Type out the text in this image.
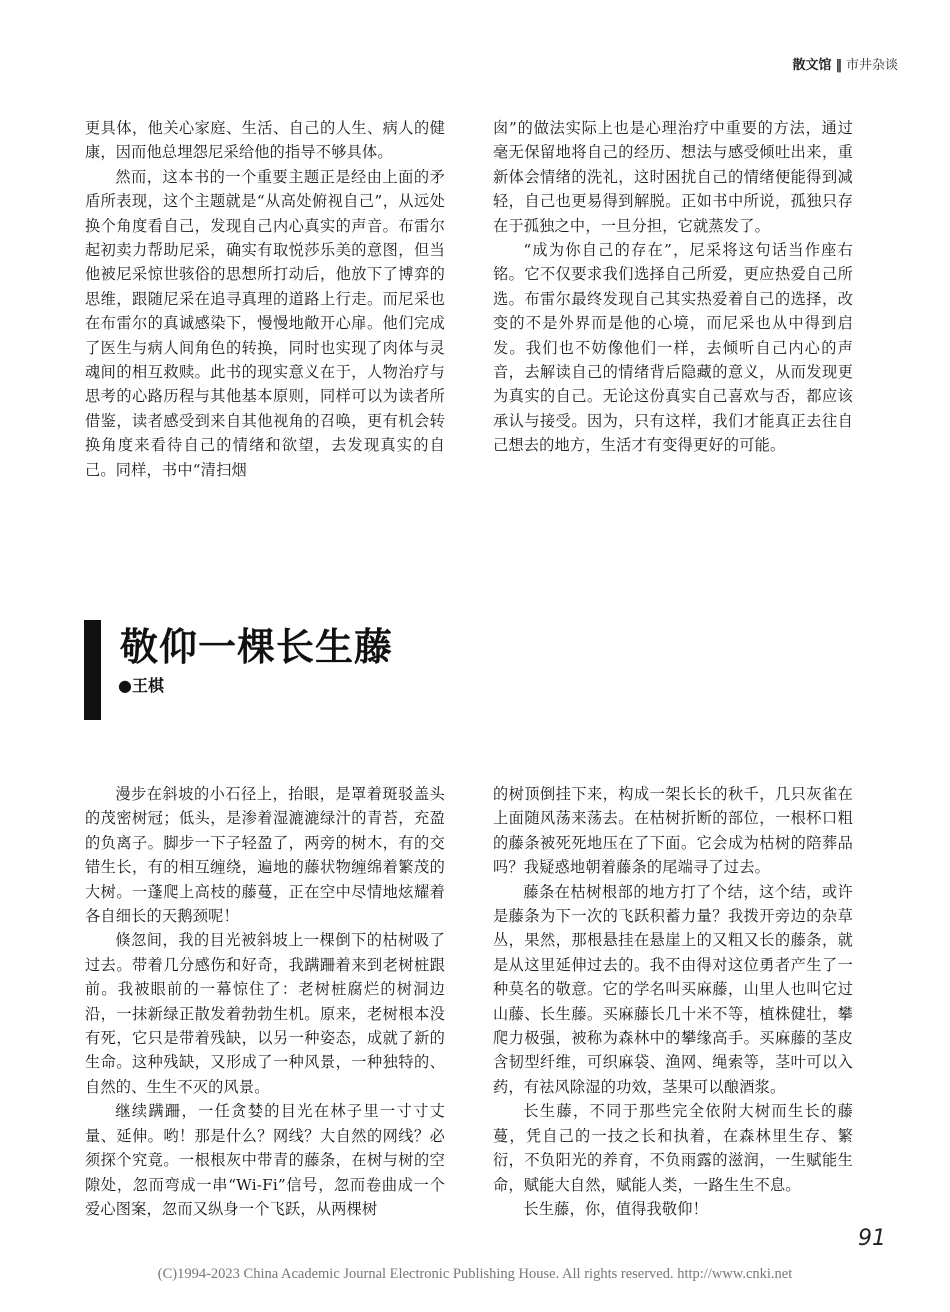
散文馆 ‖ 市井杂谈

更具体，他关心家庭、生活、自己的人生、病人的健康，因而他总埋怨尼采给他的指导不够具体。

然而，这本书的一个重要主题正是经由上面的矛盾所表现，这个主题就是“从高处俯视自己”，从远处换个角度看自己，发现自己内心真实的声音。布雷尔起初卖力帮助尼采，确实有取悦莎乐美的意图，但当他被尼采惊世骇俗的思想所打动后，他放下了博弈的思维，跟随尼采在追寻真理的道路上行走。而尼采也在布雷尔的真诚感染下，慢慢地敞开心扉。他们完成了医生与病人间角色的转换，同时也实现了肉体与灵魂间的相互救赎。此书的现实意义在于，人物治疗与思考的心路历程与其他基本原则，同样可以为读者所借鉴，读者感受到来自其他视角的召唤，更有机会转换角度来看待自己的情绪和欲望，去发现真实的自己。同样，书中“清扫烟

囱”的做法实际上也是心理治疗中重要的方法，通过毫无保留地将自己的经历、想法与感受倾吐出来，重新体会情绪的洗礼，这时困扰自己的情绪便能得到减轻，自己也更易得到解脱。正如书中所说，孤独只存在于孤独之中，一旦分担，它就蒸发了。

“成为你自己的存在”，尼采将这句话当作座右铭。它不仅要求我们选择自己所爱，更应热爱自己所选。布雷尔最终发现自己其实热爱着自己的选择，改变的不是外界而是他的心境，而尼采也从中得到启发。我们也不妨像他们一样，去倾听自己内心的声音，去解读自己的情绪背后隐藏的意义，从而发现更为真实的自己。无论这份真实自己喜欢与否，都应该承认与接受。因为，只有这样，我们才能真正去往自己想去的地方，生活才有变得更好的可能。

敬仰一棵长生藤
●王棋

漫步在斜坡的小石径上，抬眼，是罩着斑驳盖头的茂密树冠；低头，是渗着湿漉漉绿汁的青苔，充盈的负离子。脚步一下子轻盈了，两旁的树木，有的交错生长，有的相互缠绕，遍地的藤状物缠绵着繁茂的大树。一蓬爬上高枝的藤蔓，正在空中尽情地炫耀着各自细长的天鹅颈呢！

倏忽间，我的目光被斜坡上一棵倒下的枯树吸了过去。带着几分感伤和好奇，我蹒跚着来到老树桩跟前。我被眼前的一幕惊住了：老树桩腐烂的树洞边沿，一抹新绿正散发着勃勃生机。原来，老树根本没有死，它只是带着残缺，以另一种姿态，成就了新的生命。这种残缺，又形成了一种风景，一种独特的、自然的、生生不灭的风景。

继续蹒跚，一任贪婪的目光在林子里一寸寸丈量、延伸。哟！那是什么？网线？大自然的网线？必须探个究竟。一根根灰中带青的藤条，在树与树的空隙处，忽而弯成一串“Wi-Fi”信号，忽而卷曲成一个爱心图案，忽而又纵身一个飞跃，从两棵树

的树顶倒挂下来，构成一架长长的秋千，几只灰雀在上面随风荡来荡去。在枯树折断的部位，一根杯口粗的藤条被死死地压在了下面。它会成为枯树的陪葬品吗？我疑惑地朝着藤条的尾端寻了过去。

藤条在枯树根部的地方打了个结，这个结，或许是藤条为下一次的飞跃积蓄力量？我拨开旁边的杂草丛，果然，那根悬挂在悬崖上的又粗又长的藤条，就是从这里延伸过去的。我不由得对这位勇者产生了一种莫名的敬意。它的学名叫买麻藤，山里人也叫它过山藤、长生藤。买麻藤长几十米不等，植株健壮，攀爬力极强，被称为森林中的攀缘高手。买麻藤的茎皮含韧型纤维，可织麻袋、渔网、绳索等，茎叶可以入药，有祛风除湿的功效，茎果可以酿酒浆。

长生藤，不同于那些完全依附大树而生长的藤蔓，凭自己的一技之长和执着，在森林里生存、繁衍，不负阳光的养育，不负雨露的滋润，一生赋能生命，赋能大自然，赋能人类，一路生生不息。

长生藤，你，值得我敬仰！

91
(C)1994-2023 China Academic Journal Electronic Publishing House. All rights reserved. http://www.cnki.net
